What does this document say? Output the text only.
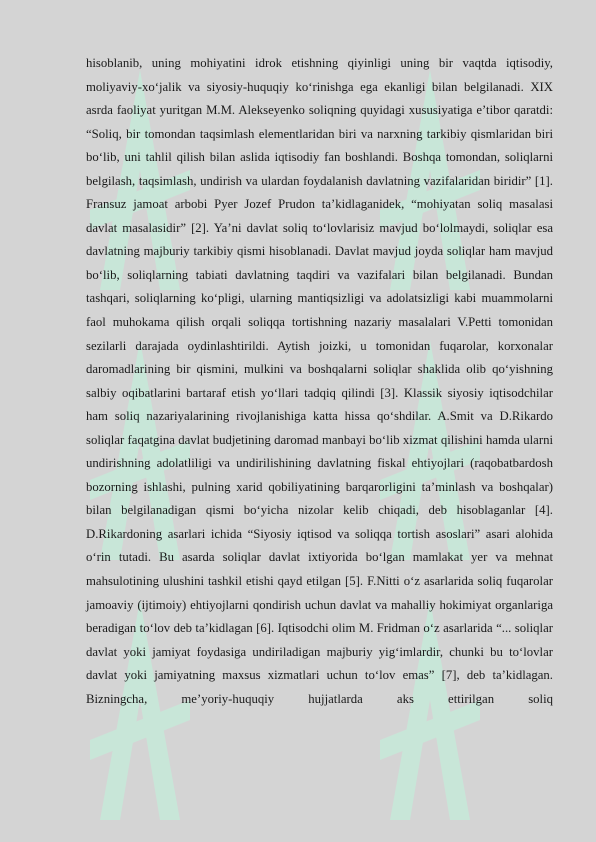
hisoblanib, uning mohiyatini idrok etishning qiyinligi uning bir vaqtda iqtisodiy, moliyaviy-xo‘jalik va siyosiy-huquqiy ko‘rinishga ega ekanligi bilan belgilanadi. XIX asrda faoliyat yuritgan M.M. Alekseyenko soliqning quyidagi xususiyatiga e’tibor qaratdi: “Soliq, bir tomondan taqsimlash elementlaridan biri va narxning tarkibiy qismlaridan biri bo‘lib, uni tahlil qilish bilan aslida iqtisodiy fan boshlandi. Boshqa tomondan, soliqlarni belgilash, taqsimlash, undirish va ulardan foydalanish davlatning vazifalaridan biridir” [1]. Fransuz jamoat arbobi Pyer Jozef Prudon ta’kidlaganidek, “mohiyatan soliq masalasi davlat masalasidir” [2]. Ya’ni davlat soliq to‘lovlarisiz mavjud bo‘lolmaydi, soliqlar esa davlatning majburiy tarkibiy qismi hisoblanadi. Davlat mavjud joyda soliqlar ham mavjud bo‘lib, soliqlarning tabiati davlatning taqdiri va vazifalari bilan belgilanadi. Bundan tashqari, soliqlarning ko‘pligi, ularning mantiqsizligi va adolatsizligi kabi muammolarni faol muhokama qilish orqali soliqqa tortishning nazariy masalalari V.Petti tomonidan sezilarli darajada oydinlashtirildi. Aytish joizki, u tomonidan fuqarolar, korxonalar daromadlarining bir qismini, mulkini va boshqalarni soliqlar shaklida olib qo‘yishning salbiy oqibatlarini bartaraf etish yo‘llari tadqiq qilindi [3]. Klassik siyosiy iqtisodchilar ham soliq nazariyalarining rivojlanishiga katta hissa qo‘shdilar. A.Smit va D.Rikardo soliqlar faqatgina davlat budjetining daromad manbayi bo‘lib xizmat qilishini hamda ularni undirishning adolatliligi va undirilishining davlatning fiskal ehtiyojlari (raqobatbardosh bozorning ishlashi, pulning xarid qobiliyatining barqarorligini ta’minlash va boshqalar) bilan belgilanadigan qismi bo‘yicha nizolar kelib chiqadi, deb hisoblaganlar [4]. D.Rikardoning asarlari ichida “Siyosiy iqtisod va soliqqa tortish asoslari” asari alohida o‘rin tutadi. Bu asarda soliqlar davlat ixtiyorida bo‘lgan mamlakat yer va mehnat mahsulotining ulushini tashkil etishi qayd etilgan [5]. F.Nitti o‘z asarlarida soliq fuqarolar jamoaviy (ijtimoiy) ehtiyojlarni qondirish uchun davlat va mahalliy hokimiyat organlariga beradigan to‘lov deb ta’kidlagan [6]. Iqtisodchi olim M. Fridman o‘z asarlarida “... soliqlar davlat yoki jamiyat foydasiga undiriladigan majburiy yig‘imlardir, chunki bu to‘lovlar davlat yoki jamiyatning maxsus xizmatlari uchun to‘lov emas” [7], deb ta’kidlagan. Bizningcha, me’yoriy-huquqiy hujjatlarda aks ettirilgan soliq
